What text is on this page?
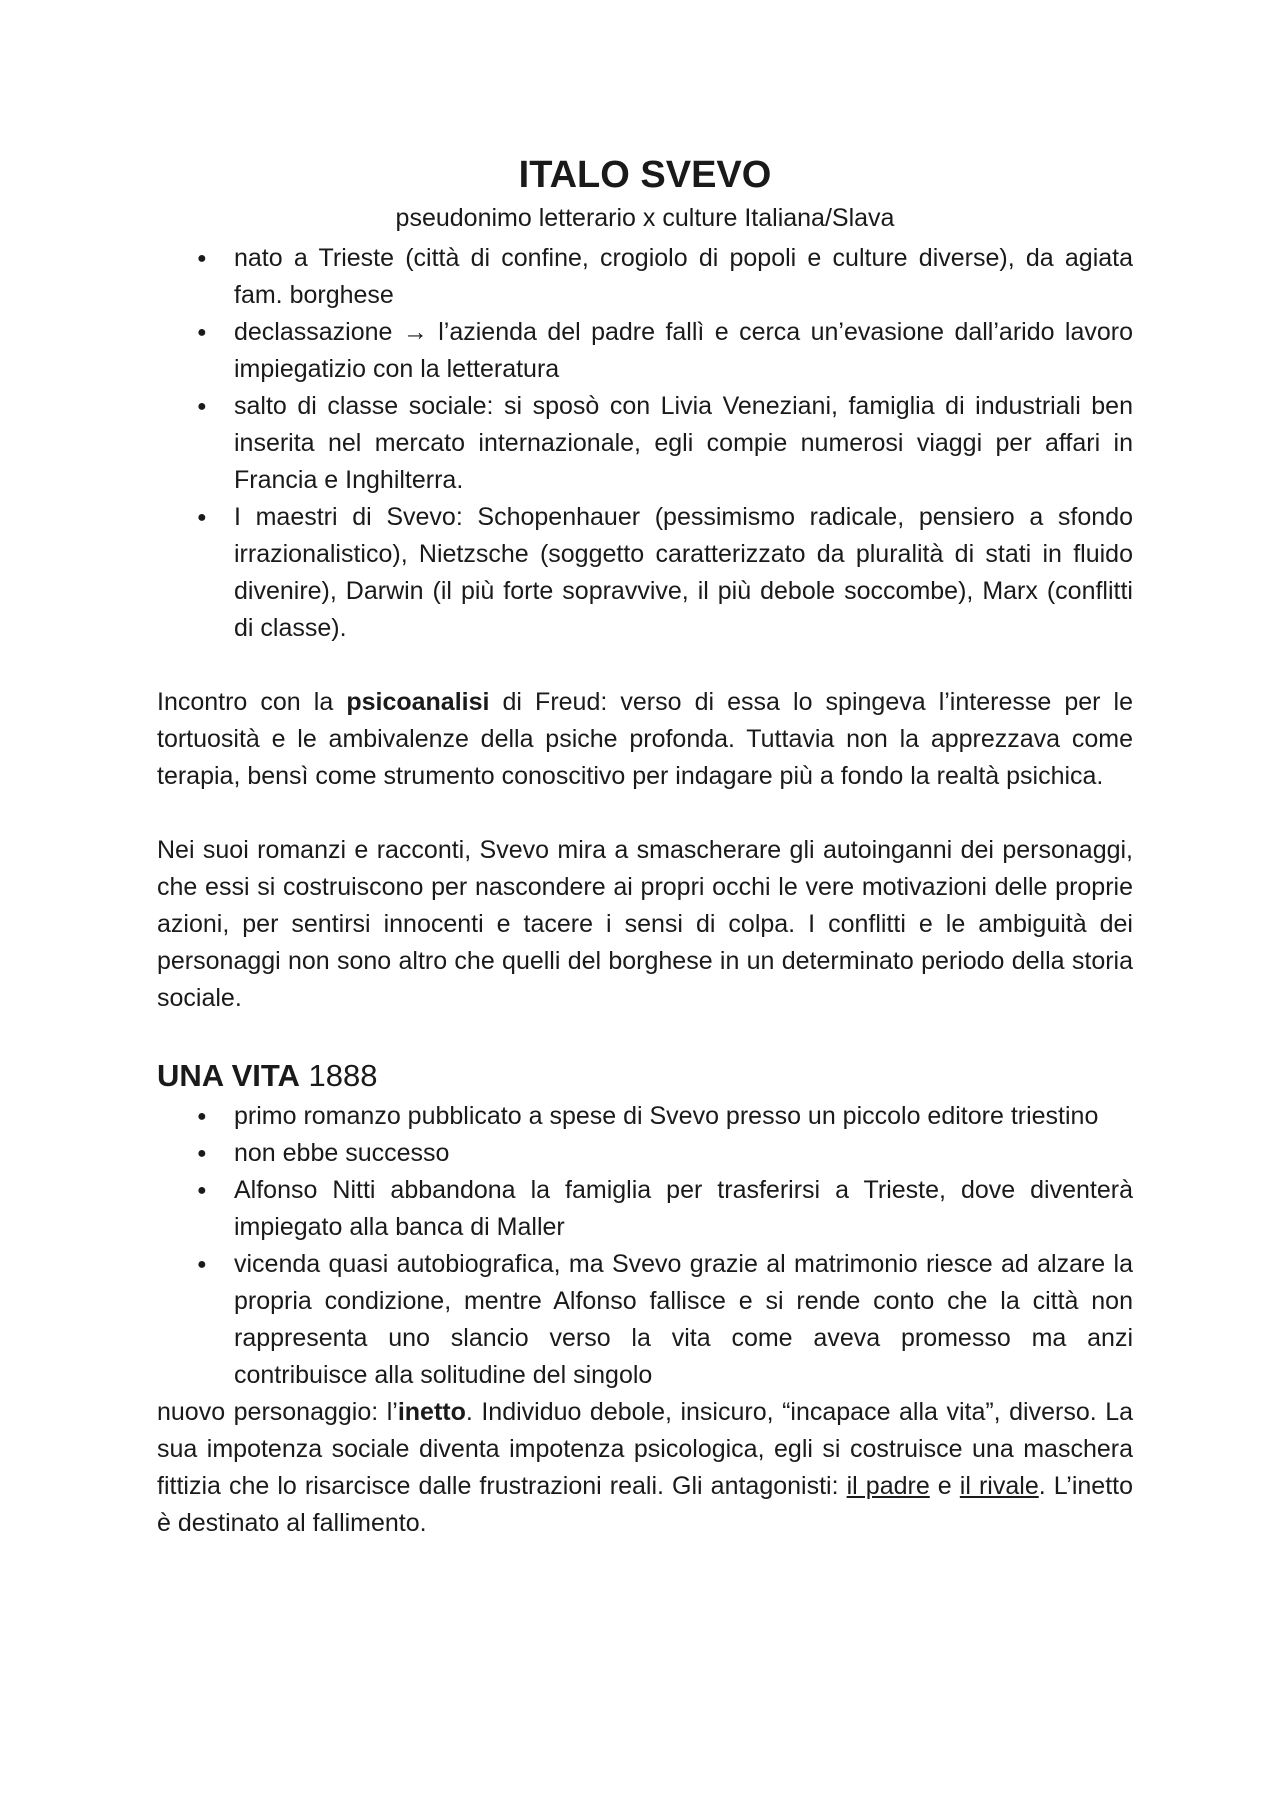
ITALO SVEVO

pseudonimo letterario x culture Italiana/Slava

● nato a Trieste (città di confine, crogiolo di popoli e culture diverse), da agiata fam. borghese
● declassazione → l’azienda del padre fallì e cerca un’evasione dall’arido lavoro impiegatizio con la letteratura
● salto di classe sociale: si sposò con Livia Veneziani, famiglia di industriali ben inserita nel mercato internazionale, egli compie numerosi viaggi per affari in Francia e Inghilterra.
● I maestri di Svevo: Schopenhauer (pessimismo radicale, pensiero a sfondo irrazionalistico), Nietzsche (soggetto caratterizzato da pluralità di stati in fluido divenire), Darwin (il più forte sopravvive, il più debole soccombe), Marx (conflitti di classe).

Incontro con la psicoanalisi di Freud: verso di essa lo spingeva l’interesse per le tortuosità e le ambivalenze della psiche profonda. Tuttavia non la apprezzava come terapia, bensì come strumento conoscitivo per indagare più a fondo la realtà psichica.

Nei suoi romanzi e racconti, Svevo mira a smascherare gli autoinganni dei personaggi, che essi si costruiscono per nascondere ai propri occhi le vere motivazioni delle proprie azioni, per sentirsi innocenti e tacere i sensi di colpa. I conflitti e le ambiguità dei personaggi non sono altro che quelli del borghese in un determinato periodo della storia sociale.

UNA VITA 1888
● primo romanzo pubblicato a spese di Svevo presso un piccolo editore triestino
● non ebbe successo
● Alfonso Nitti abbandona la famiglia per trasferirsi a Trieste, dove diventerà impiegato alla banca di Maller
● vicenda quasi autobiografica, ma Svevo grazie al matrimonio riesce ad alzare la propria condizione, mentre Alfonso fallisce e si rende conto che la città non rappresenta uno slancio verso la vita come aveva promesso ma anzi contribuisce alla solitudine del singolo

nuovo personaggio: l’inetto. Individuo debole, insicuro, “incapace alla vita”, diverso. La sua impotenza sociale diventa impotenza psicologica, egli si costruisce una maschera fittizia che lo risarcisce dalle frustrazioni reali. Gli antagonisti: il padre e il rivale. L’inetto è destinato al fallimento.
